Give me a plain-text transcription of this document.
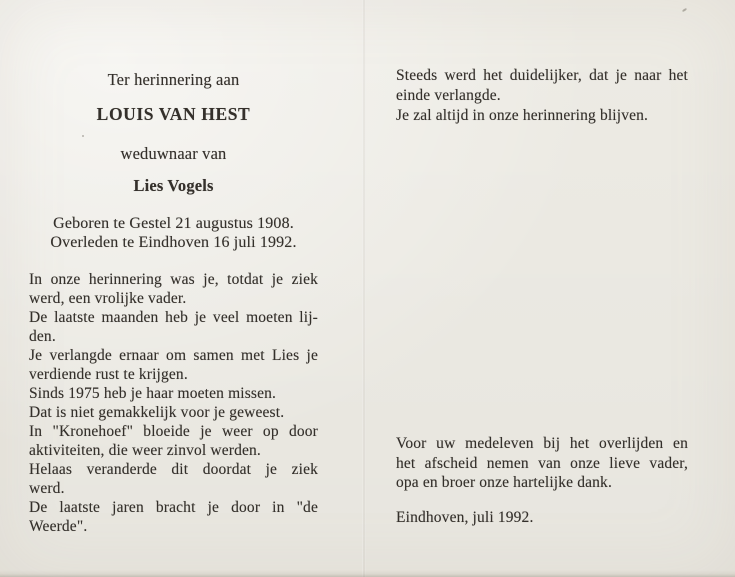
Ter herinnering aan
LOUIS VAN HEST
weduwnaar van
Lies Vogels
Geboren te Gestel 21 augustus 1908.
Overleden te Eindhoven 16 juli 1992.
In onze herinnering was je, totdat je ziek
werd, een vrolijke vader.
De laatste maanden heb je veel moeten lij-
den.
Je verlangde ernaar om samen met Lies je
verdiende rust te krijgen.
Sinds 1975 heb je haar moeten missen.
Dat is niet gemakkelijk voor je geweest.
In "Kronehoef" bloeide je weer op door
aktiviteiten, die weer zinvol werden.
Helaas veranderde dit doordat je ziek
werd.
De laatste jaren bracht je door in "de
Weerde".
Steeds werd het duidelijker, dat je naar het
einde verlangde.
Je zal altijd in onze herinnering blijven.
Voor uw medeleven bij het overlijden en
het afscheid nemen van onze lieve vader,
opa en broer onze hartelijke dank.
Eindhoven, juli 1992.
